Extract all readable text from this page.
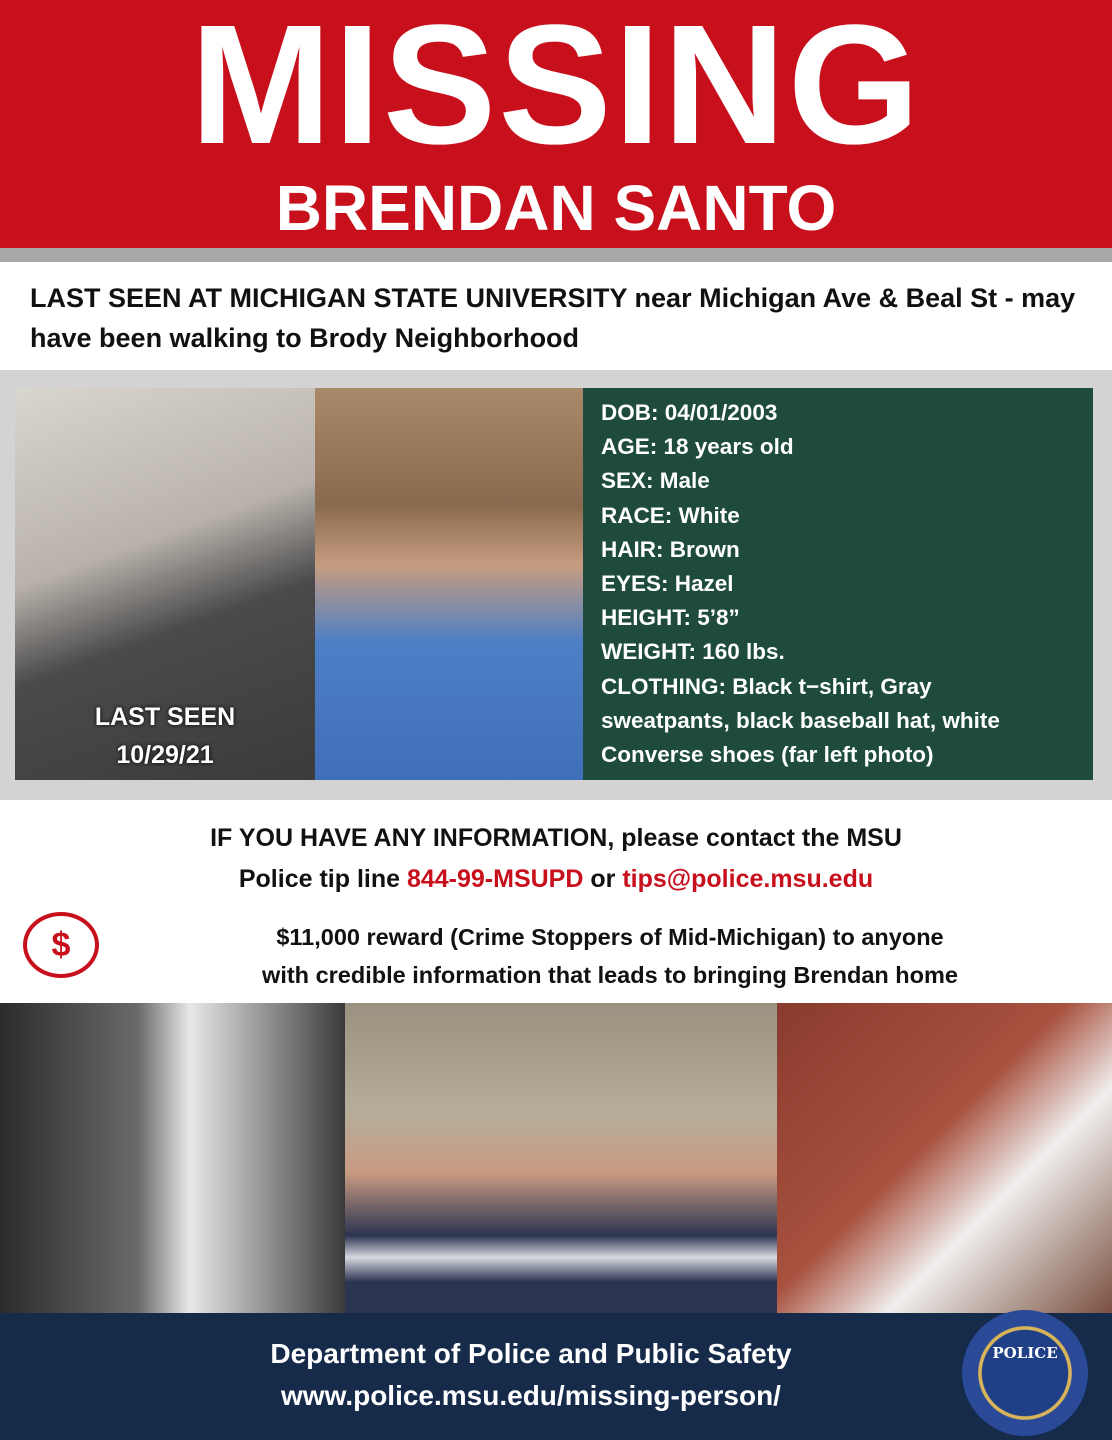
MISSING
BRENDAN SANTO
LAST SEEN AT MICHIGAN STATE UNIVERSITY near Michigan Ave & Beal St - may have been walking to Brody Neighborhood
LAST SEEN
10/29/21
DOB: 04/01/2003
AGE: 18 years old
SEX: Male
RACE: White
HAIR: Brown
EYES: Hazel
HEIGHT: 5’8”
WEIGHT: 160 lbs.
CLOTHING: Black t−shirt, Gray
sweatpants, black baseball hat, white
Converse shoes (far left photo)
IF YOU HAVE ANY INFORMATION, please contact the MSU
Police tip line 844-99-MSUPD or tips@police.msu.edu
$	$11,000 reward (Crime Stoppers of Mid-Michigan) to anyone
with credible information that leads to bringing Brendan home
Department of Police and Public Safety
www.police.msu.edu/missing-person/
POLICE
